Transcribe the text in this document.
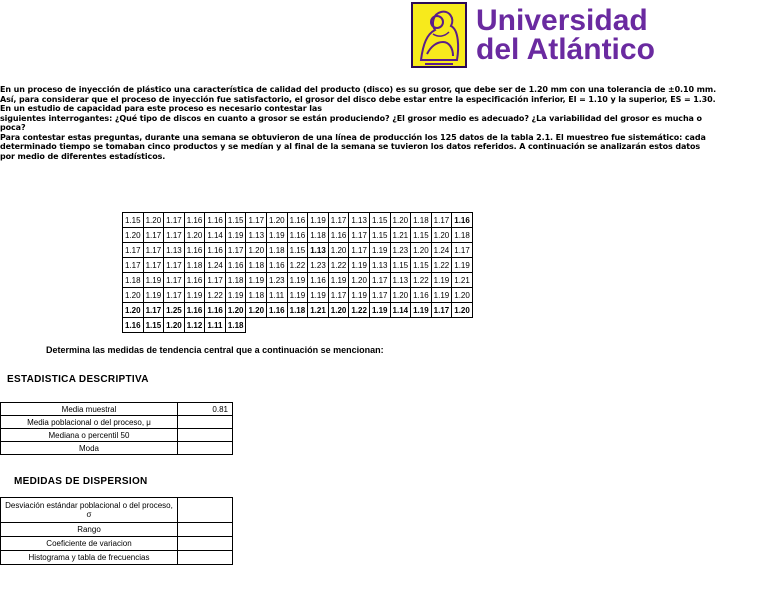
Universidad
del Atlántico

En un proceso de inyección de plástico una característica de calidad del producto (disco) es su grosor, que debe ser de 1.20 mm con una tolerancia de ±0.10 mm.

Así, para considerar que el proceso de inyección fue satisfactorio, el grosor del disco debe estar entre la especificación inferior, EI = 1.10 y la superior, ES = 1.30.

En un estudio de capacidad para este proceso es necesario contestar las

siguientes interrogantes: ¿Qué tipo de discos en cuanto a grosor se están produciendo? ¿El grosor medio es adecuado? ¿La variabilidad del grosor es mucha o

poca?

Para contestar estas preguntas, durante una semana se obtuvieron de una línea de producción los 125 datos de la tabla 2.1. El muestreo fue sistemático: cada

determinado tiempo se tomaban cinco productos y se medían y al final de la semana se tuvieron los datos referidos. A continuación se analizarán estos datos

por medio de diferentes estadísticos.

1.15	1.20	1.17	1.16	1.16	1.15	1.17	1.20	1.16	1.19	1.17	1.13	1.15	1.20	1.18	1.17	1.16
1.20	1.17	1.17	1.20	1.14	1.19	1.13	1.19	1.16	1.18	1.16	1.17	1.15	1.21	1.15	1.20	1.18
1.17	1.17	1.13	1.16	1.16	1.17	1.20	1.18	1.15	1.13	1.20	1.17	1.19	1.23	1.20	1.24	1.17
1.17	1.17	1.17	1.18	1.24	1.16	1.18	1.16	1.22	1.23	1.22	1.19	1.13	1.15	1.15	1.22	1.19
1.18	1.19	1.17	1.16	1.17	1.18	1.19	1.23	1.19	1.16	1.19	1.20	1.17	1.13	1.22	1.19	1.21
1.20	1.19	1.17	1.19	1.22	1.19	1.18	1.11	1.19	1.19	1.17	1.19	1.17	1.20	1.16	1.19	1.20
1.20	1.17	1.25	1.16	1.16	1.20	1.20	1.16	1.18	1.21	1.20	1.22	1.19	1.14	1.19	1.17	1.20
1.16	1.15	1.20	1.12	1.11	1.18											
Determina las medidas de tendencia central que a continuación se mencionan:
ESTADISTICA DESCRIPTIVA
Media muestral	0.81
Media poblacional o del proceso, μ	
Mediana o percentil 50	
Moda	
MEDIDAS DE DISPERSION
Desviación estándar poblacional o del proceso, σ	
Rango	
Coeficiente de variacion	
Histograma y tabla de frecuencias	
